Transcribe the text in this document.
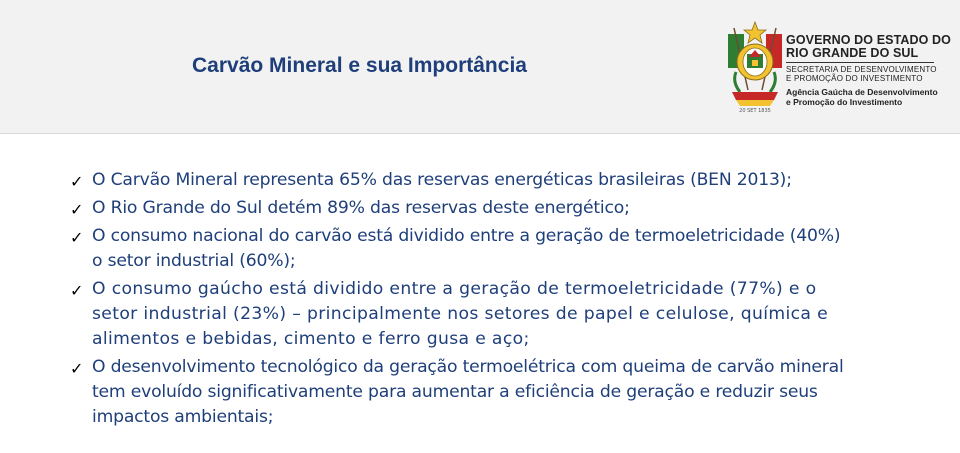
Carvão Mineral e sua Importância
20 SET 1835
GOVERNO DO ESTADO DO
RIO GRANDE DO SUL
SECRETARIA DE DESENVOLVIMENTO
E PROMOÇÃO DO INVESTIMENTO
Agência Gaúcha de Desenvolvimento
e Promoção do Investimento
✓ O Carvão Mineral representa 65% das reservas energéticas brasileiras (BEN 2013);
✓ O Rio Grande do Sul detém 89% das reservas deste energético;
✓ O consumo nacional do carvão está dividido entre a geração de termoeletricidade (40%) o setor industrial (60%);
✓ O consumo gaúcho está dividido entre a geração de termoeletricidade (77%) e o setor industrial (23%) – principalmente nos setores de papel e celulose, química e alimentos e bebidas, cimento e ferro gusa e aço;
✓ O desenvolvimento tecnológico da geração termoelétrica com queima de carvão mineral tem evoluído significativamente para aumentar a eficiência de geração e reduzir seus impactos ambientais;
